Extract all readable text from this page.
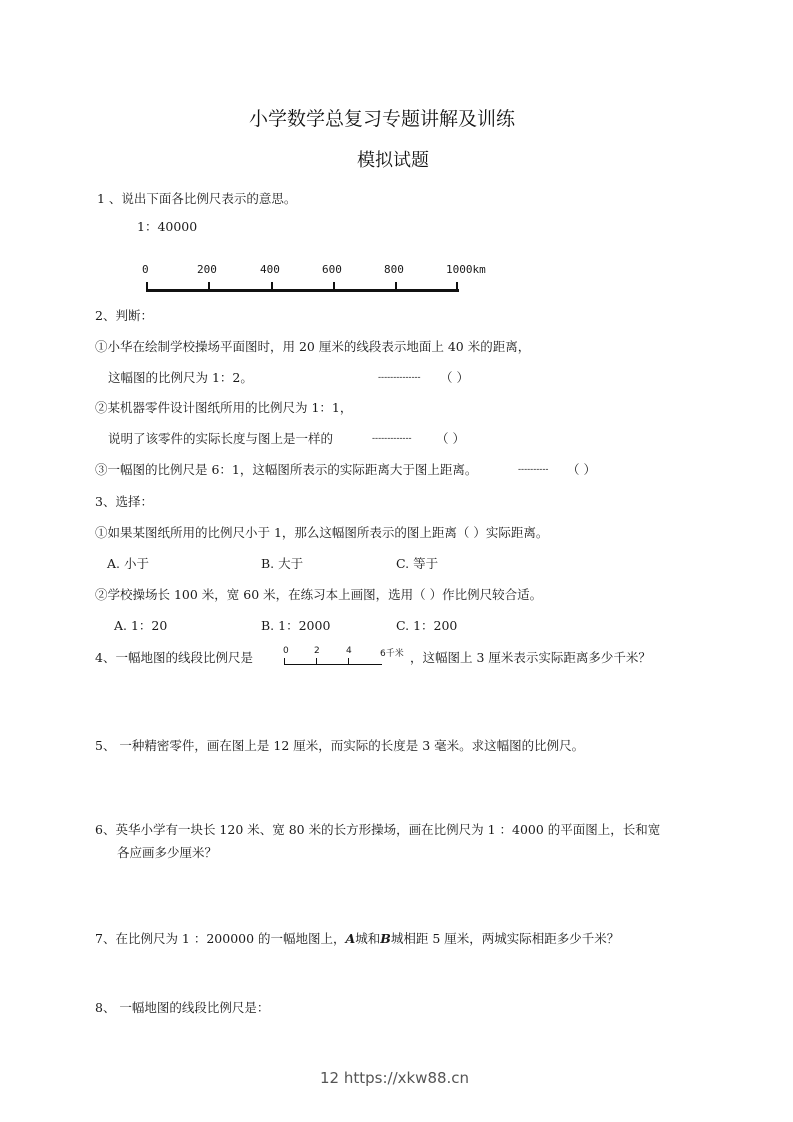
小学数学总复习专题讲解及训练
模拟试题
1 、说出下面各比例尺表示的意思。
1：40000
0	200	400	600	800	1000km
2、判断：
①小华在绘制学校操场平面图时，用 20 厘米的线段表示地面上 40 米的距离，
这幅图的比例尺为 1：2。	-------------- （ ）
②某机器零件设计图纸所用的比例尺为 1：1，
说明了该零件的实际长度与图上是一样的	------------- （ ）
③一幅图的比例尺是 6：1，这幅图所表示的实际距离大于图上距离。	---------- （ ）
3、选择：
①如果某图纸所用的比例尺小于 1，那么这幅图所表示的图上距离（ ）实际距离。
A. 小于	B. 大于	C. 等于
②学校操场长 100 米，宽 60 米，在练习本上画图，选用（ ）作比例尺较合适。
A. 1：20	B. 1：2000	C. 1：200
4、一幅地图的线段比例尺是	0	2	4	6千米 ，这幅图上 3 厘米表示实际距离多少千米？
5、 一种精密零件，画在图上是 12 厘米，而实际的长度是 3 毫米。求这幅图的比例尺。
6、英华小学有一块长 120 米、宽 80 米的长方形操场，画在比例尺为 1 ：4000 的平面图上，长和宽
各应画多少厘米？
7、在比例尺为 1 ：200000 的一幅地图上，A城和B城相距 5 厘米，两城实际相距多少千米？
8、 一幅地图的线段比例尺是：
12 https://xkw88.cn
